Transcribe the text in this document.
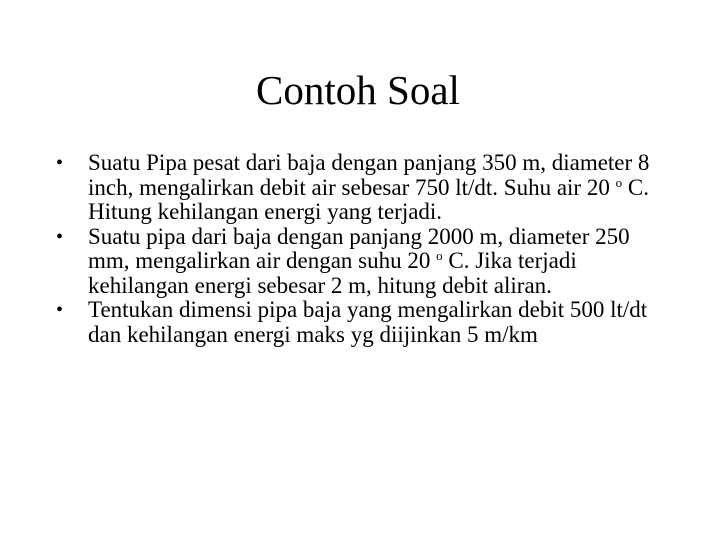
Contoh Soal
•	Suatu Pipa pesat dari baja dengan panjang 350 m, diameter 8 inch, mengalirkan debit air sebesar 750 lt/dt. Suhu air 20 $^o$ C. Hitung kehilangan energi yang terjadi.
•	Suatu pipa dari baja dengan panjang 2000 m, diameter 250 mm, mengalirkan air dengan suhu 20 $^o$ C. Jika terjadi kehilangan energi sebesar 2 m, hitung debit aliran.
•	Tentukan dimensi pipa baja yang mengalirkan debit 500 lt/dt dan kehilangan energi maks yg diijinkan 5 m/km
